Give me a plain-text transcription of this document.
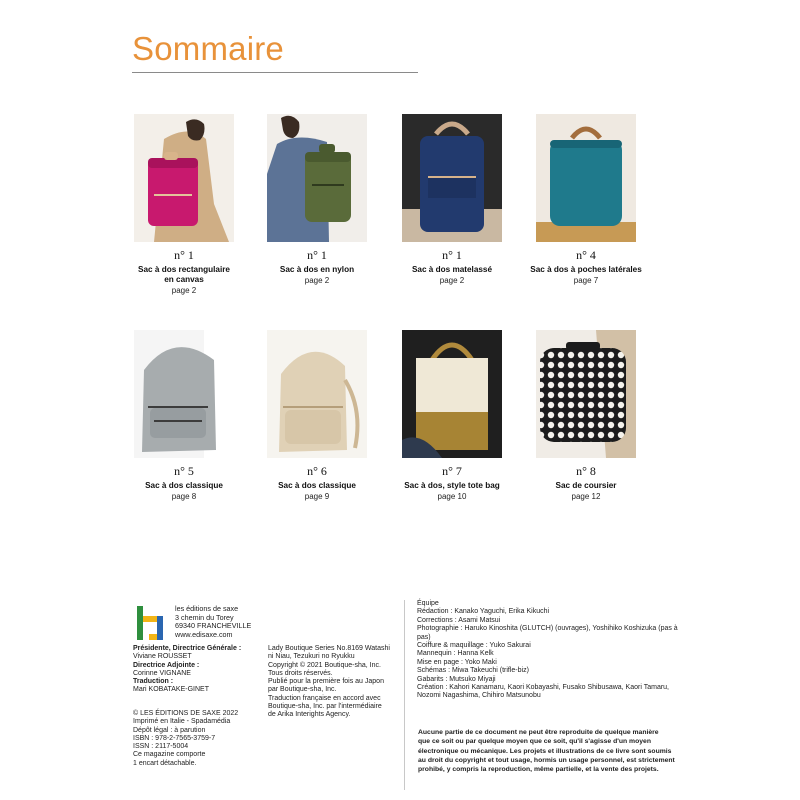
Sommaire
n° 1
Sac à dos rectangulaire
en canvas
page 2
n° 1
Sac à dos en nylon
page 2
n° 1
Sac à dos matelassé
page 2
n° 4
Sac à dos à poches latérales
page 7
n° 5
Sac à dos classique
page 8
n° 6
Sac à dos classique
page 9
n° 7
Sac à dos, style tote bag
page 10
n° 8
Sac de coursier
page 12
les éditions de saxe
3 chemin du Torey
69340 FRANCHEVILLE
www.edisaxe.com
Présidente, Directrice Générale :
Viviane ROUSSET
Directrice Adjointe :
Corinne VIGNANE
Traduction :
Mari KOBATAKE-GINET
© LES ÉDITIONS DE SAXE 2022
Imprimé en Italie - Spadamédia
Dépôt légal : à parution
ISBN : 978-2-7565-3759-7
ISSN : 2117-5004
Ce magazine comporte
1 encart détachable.
Lady Boutique Series No.8169 Watashi
ni Niau, Tezukuri no Ryukku
Copyright © 2021 Boutique-sha, Inc.
Tous droits réservés.
Publié pour la première fois au Japon
par Boutique-sha, Inc.
Traduction française en accord avec
Boutique-sha, Inc. par l'intermédiaire
de Arika Interights Agency.
Équipe
Rédaction : Kanako Yaguchi, Erika Kikuchi
Corrections : Asami Matsui
Photographie : Haruko Kinoshita (GLUTCH) (ouvrages), Yoshihiko Koshizuka (pas à pas)
Coiffure & maquillage : Yuko Sakurai
Mannequin : Hanna Kelk
Mise en page : Yoko Maki
Schémas : Miwa Takeuchi (trifle-biz)
Gabarits : Mutsuko Miyaji
Création : Kahori Kanamaru, Kaori Kobayashi, Fusako Shibusawa, Kaori Tamaru,
Nozomi Nagashima, Chihiro Matsunobu
Aucune partie de ce document ne peut être reproduite de quelque manière
que ce soit ou par quelque moyen que ce soit, qu'il s'agisse d'un moyen
électronique ou mécanique. Les projets et illustrations de ce livre sont soumis
au droit du copyright et tout usage, hormis un usage personnel, est strictement
prohibé, y compris la reproduction, même partielle, et la vente des projets.
